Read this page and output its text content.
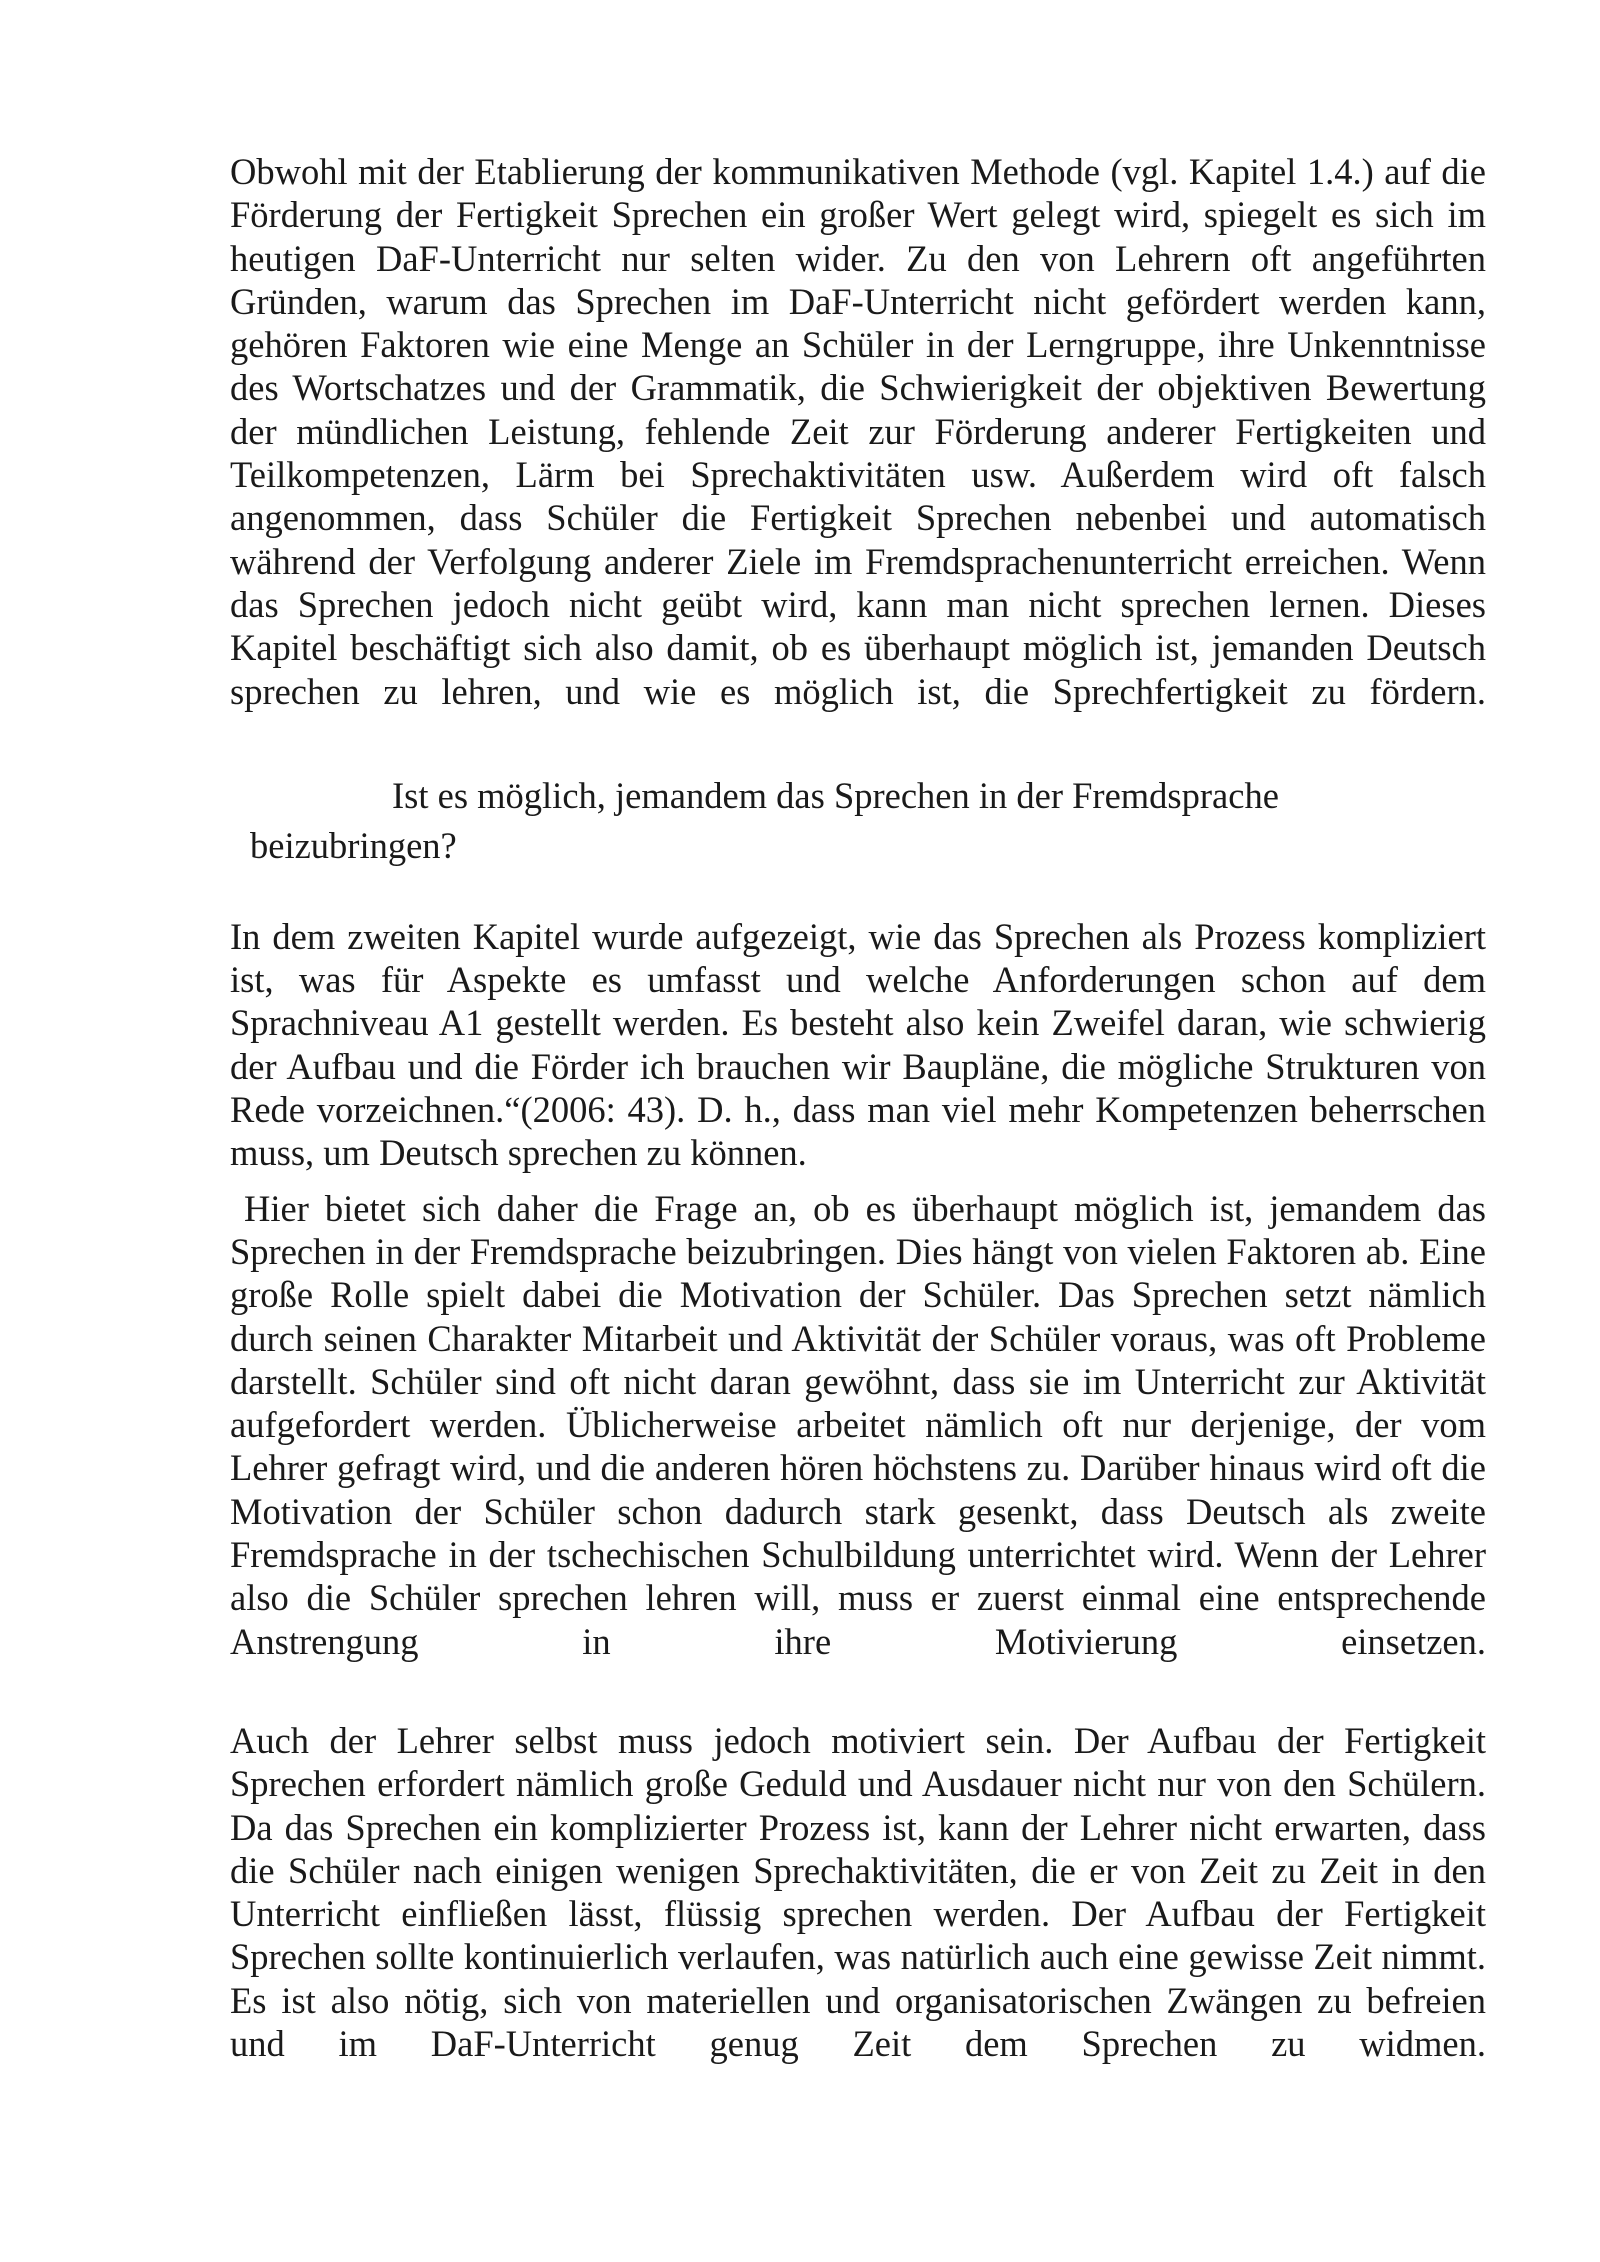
Obwohl mit der Etablierung der kommunikativen Methode (vgl. Kapitel 1.4.) auf die Förderung der Fertigkeit Sprechen ein großer Wert gelegt wird, spiegelt es sich im heutigen DaF-Unterricht nur selten wider. Zu den von Lehrern oft angeführten Gründen, warum das Sprechen im DaF-Unterricht nicht gefördert werden kann, gehören Faktoren wie eine Menge an Schüler in der Lerngruppe, ihre Unkenntnisse des Wortschatzes und der Grammatik, die Schwierigkeit der objektiven Bewertung der mündlichen Leistung, fehlende Zeit zur Förderung anderer Fertigkeiten und Teilkompetenzen, Lärm bei Sprechaktivitäten usw. Außerdem wird oft falsch angenommen, dass Schüler die Fertigkeit Sprechen nebenbei und automatisch während der Verfolgung anderer Ziele im Fremdsprachenunterricht erreichen. Wenn das Sprechen jedoch nicht geübt wird, kann man nicht sprechen lernen. Dieses Kapitel beschäftigt sich also damit, ob es überhaupt möglich ist, jemanden Deutsch sprechen zu lehren, und wie es möglich ist, die Sprechfertigkeit zu fördern.

Ist es möglich, jemandem das Sprechen in der Fremdsprache beizubringen?

In dem zweiten Kapitel wurde aufgezeigt, wie das Sprechen als Prozess kompliziert ist, was für Aspekte es umfasst und welche Anforderungen schon auf dem Sprachniveau A1 gestellt werden. Es besteht also kein Zweifel daran, wie schwierig der Aufbau und die Förder ich brauchen wir Baupläne, die mögliche Strukturen von Rede vorzeichnen.“(2006: 43). D. h., dass man viel mehr Kompetenzen beherrschen muss, um Deutsch sprechen zu können.

Hier bietet sich daher die Frage an, ob es überhaupt möglich ist, jemandem das Sprechen in der Fremdsprache beizubringen. Dies hängt von vielen Faktoren ab. Eine große Rolle spielt dabei die Motivation der Schüler. Das Sprechen setzt nämlich durch seinen Charakter Mitarbeit und Aktivität der Schüler voraus, was oft Probleme darstellt. Schüler sind oft nicht daran gewöhnt, dass sie im Unterricht zur Aktivität aufgefordert werden. Üblicherweise arbeitet nämlich oft nur derjenige, der vom Lehrer gefragt wird, und die anderen hören höchstens zu. Darüber hinaus wird oft die Motivation der Schüler schon dadurch stark gesenkt, dass Deutsch als zweite Fremdsprache in der tschechischen Schulbildung unterrichtet wird. Wenn der Lehrer also die Schüler sprechen lehren will, muss er zuerst einmal eine entsprechende Anstrengung in ihre Motivierung einsetzen.

Auch der Lehrer selbst muss jedoch motiviert sein. Der Aufbau der Fertigkeit Sprechen erfordert nämlich große Geduld und Ausdauer nicht nur von den Schülern. Da das Sprechen ein komplizierter Prozess ist, kann der Lehrer nicht erwarten, dass die Schüler nach einigen wenigen Sprechaktivitäten, die er von Zeit zu Zeit in den Unterricht einfließen lässt, flüssig sprechen werden. Der Aufbau der Fertigkeit Sprechen sollte kontinuierlich verlaufen, was natürlich auch eine gewisse Zeit nimmt. Es ist also nötig, sich von materiellen und organisatorischen Zwängen zu befreien und im DaF-Unterricht genug Zeit dem Sprechen zu widmen.
